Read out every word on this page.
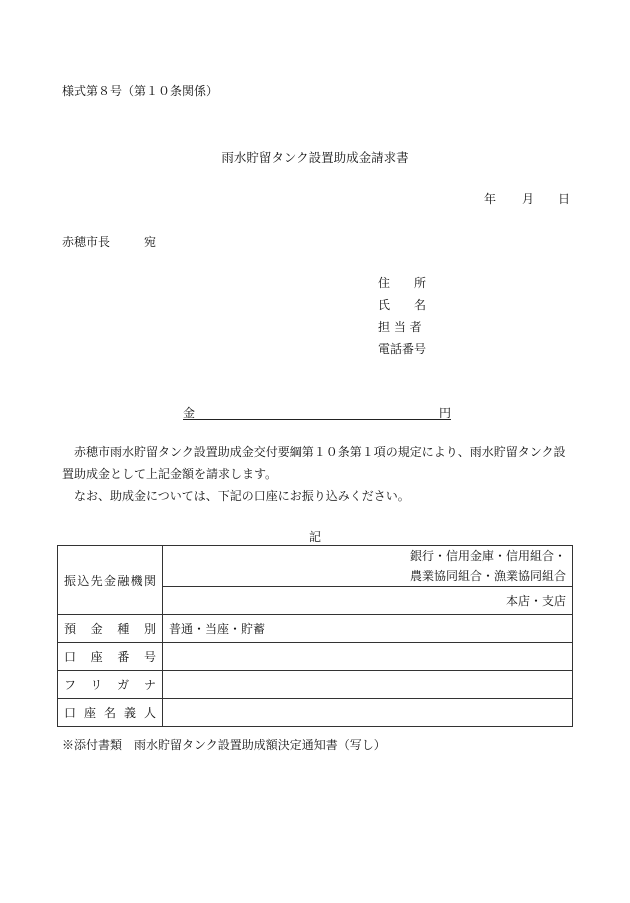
様式第８号（第１０条関係）
雨水貯留タンク設置助成金請求書
年 月 日
赤穂市長	宛
住　　所
氏　　名
担 当 者
電話番号
金	円

　赤穂市雨水貯留タンク設置助成金交付要綱第１０条第１項の規定により、雨水貯留タンク設置助成金として上記金額を請求します。

　なお、助成金については、下記の口座にお振り込みください。

記
振込先金融機関	銀行・信用金庫・信用組合・
農業協同組合・漁業協同組合

	本店・支店
預金種別	普通・当座・貯蓄
口座番号	
フリガナ	
口座名義人	
※添付書類　雨水貯留タンク設置助成額決定通知書（写し）
